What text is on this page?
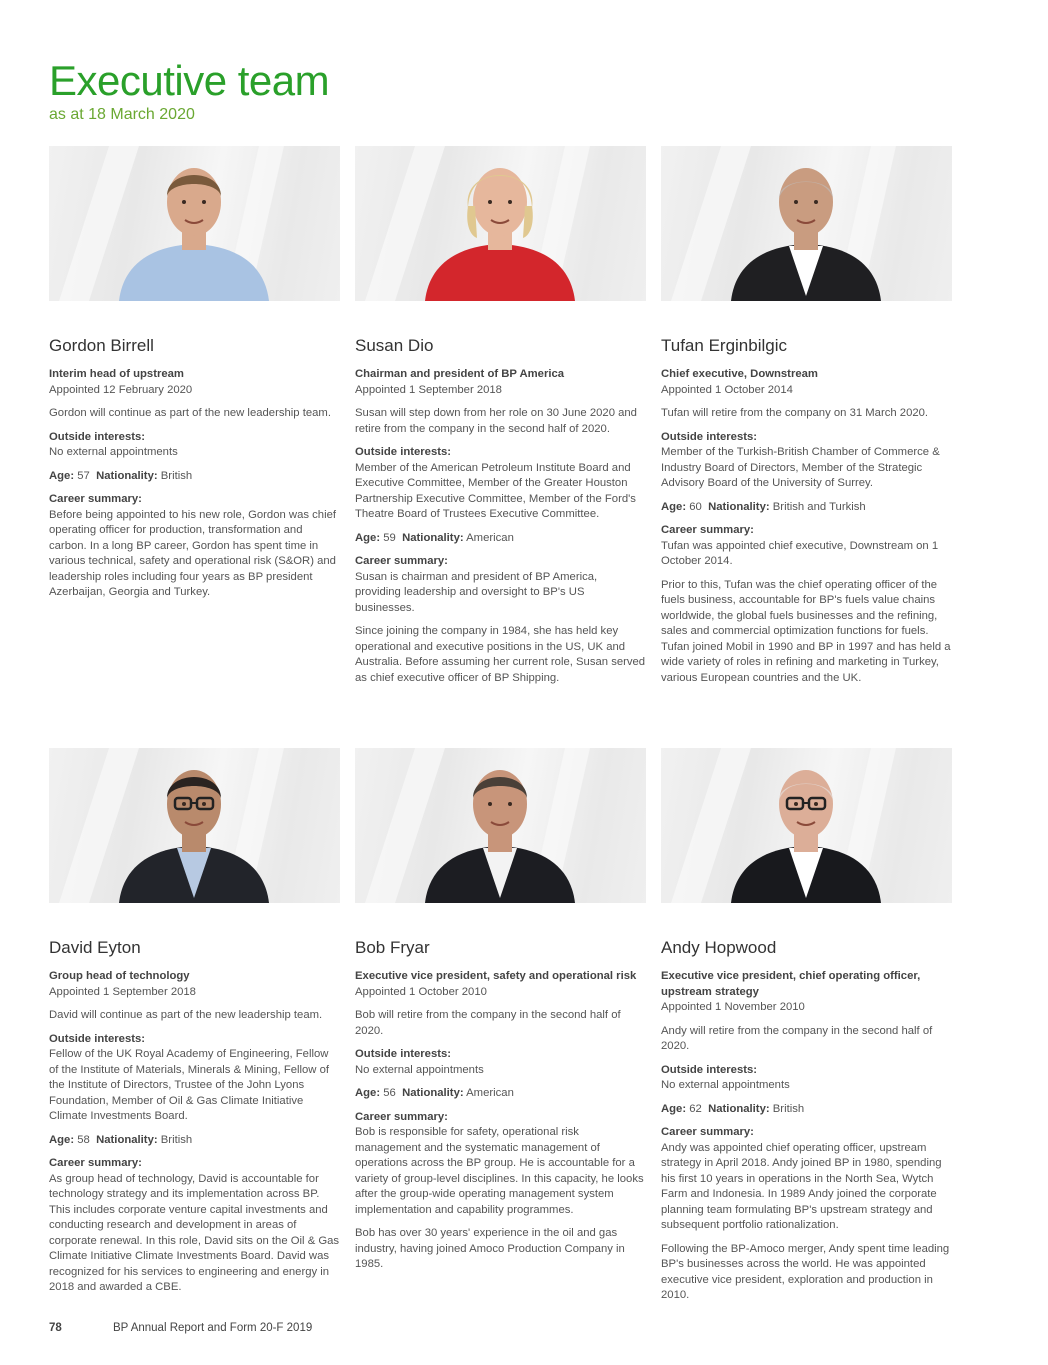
Executive team
as at 18 March 2020
Gordon Birrell
Interim head of upstream
Appointed 12 February 2020
Gordon will continue as part of the new leadership team.
Outside interests:
No external appointments
Age: 57 Nationality: British
Career summary:
Before being appointed to his new role, Gordon was chief operating officer for production, transformation and carbon. In a long BP career, Gordon has spent time in various technical, safety and operational risk (S&OR) and leadership roles including four years as BP president Azerbaijan, Georgia and Turkey.
Susan Dio
Chairman and president of BP America
Appointed 1 September 2018
Susan will step down from her role on 30 June 2020 and retire from the company in the second half of 2020.
Outside interests:
Member of the American Petroleum Institute Board and Executive Committee, Member of the Greater Houston Partnership Executive Committee, Member of the Ford's Theatre Board of Trustees Executive Committee.
Age: 59 Nationality: American
Career summary:
Susan is chairman and president of BP America, providing leadership and oversight to BP's US businesses.
Since joining the company in 1984, she has held key operational and executive positions in the US, UK and Australia. Before assuming her current role, Susan served as chief executive officer of BP Shipping.
Tufan Erginbilgic
Chief executive, Downstream
Appointed 1 October 2014
Tufan will retire from the company on 31 March 2020.
Outside interests:
Member of the Turkish-British Chamber of Commerce & Industry Board of Directors, Member of the Strategic Advisory Board of the University of Surrey.
Age: 60 Nationality: British and Turkish
Career summary:
Tufan was appointed chief executive, Downstream on 1 October 2014.
Prior to this, Tufan was the chief operating officer of the fuels business, accountable for BP's fuels value chains worldwide, the global fuels businesses and the refining, sales and commercial optimization functions for fuels. Tufan joined Mobil in 1990 and BP in 1997 and has held a wide variety of roles in refining and marketing in Turkey, various European countries and the UK.
David Eyton
Group head of technology
Appointed 1 September 2018
David will continue as part of the new leadership team.
Outside interests:
Fellow of the UK Royal Academy of Engineering, Fellow of the Institute of Materials, Minerals & Mining, Fellow of the Institute of Directors, Trustee of the John Lyons Foundation, Member of Oil & Gas Climate Initiative Climate Investments Board.
Age: 58 Nationality: British
Career summary:
As group head of technology, David is accountable for technology strategy and its implementation across BP. This includes corporate venture capital investments and conducting research and development in areas of corporate renewal. In this role, David sits on the Oil & Gas Climate Initiative Climate Investments Board. David was recognized for his services to engineering and energy in 2018 and awarded a CBE.
Bob Fryar
Executive vice president, safety and operational risk
Appointed 1 October 2010
Bob will retire from the company in the second half of 2020.
Outside interests:
No external appointments
Age: 56 Nationality: American
Career summary:
Bob is responsible for safety, operational risk management and the systematic management of operations across the BP group. He is accountable for a variety of group-level disciplines. In this capacity, he looks after the group-wide operating management system implementation and capability programmes.
Bob has over 30 years' experience in the oil and gas industry, having joined Amoco Production Company in 1985.
Andy Hopwood
Executive vice president, chief operating officer, upstream strategy
Appointed 1 November 2010
Andy will retire from the company in the second half of 2020.
Outside interests:
No external appointments
Age: 62 Nationality: British
Career summary:
Andy was appointed chief operating officer, upstream strategy in April 2018. Andy joined BP in 1980, spending his first 10 years in operations in the North Sea, Wytch Farm and Indonesia. In 1989 Andy joined the corporate planning team formulating BP's upstream strategy and subsequent portfolio rationalization.
Following the BP-Amoco merger, Andy spent time leading BP's businesses across the world. He was appointed executive vice president, exploration and production in 2010.
78	BP Annual Report and Form 20-F 2019
